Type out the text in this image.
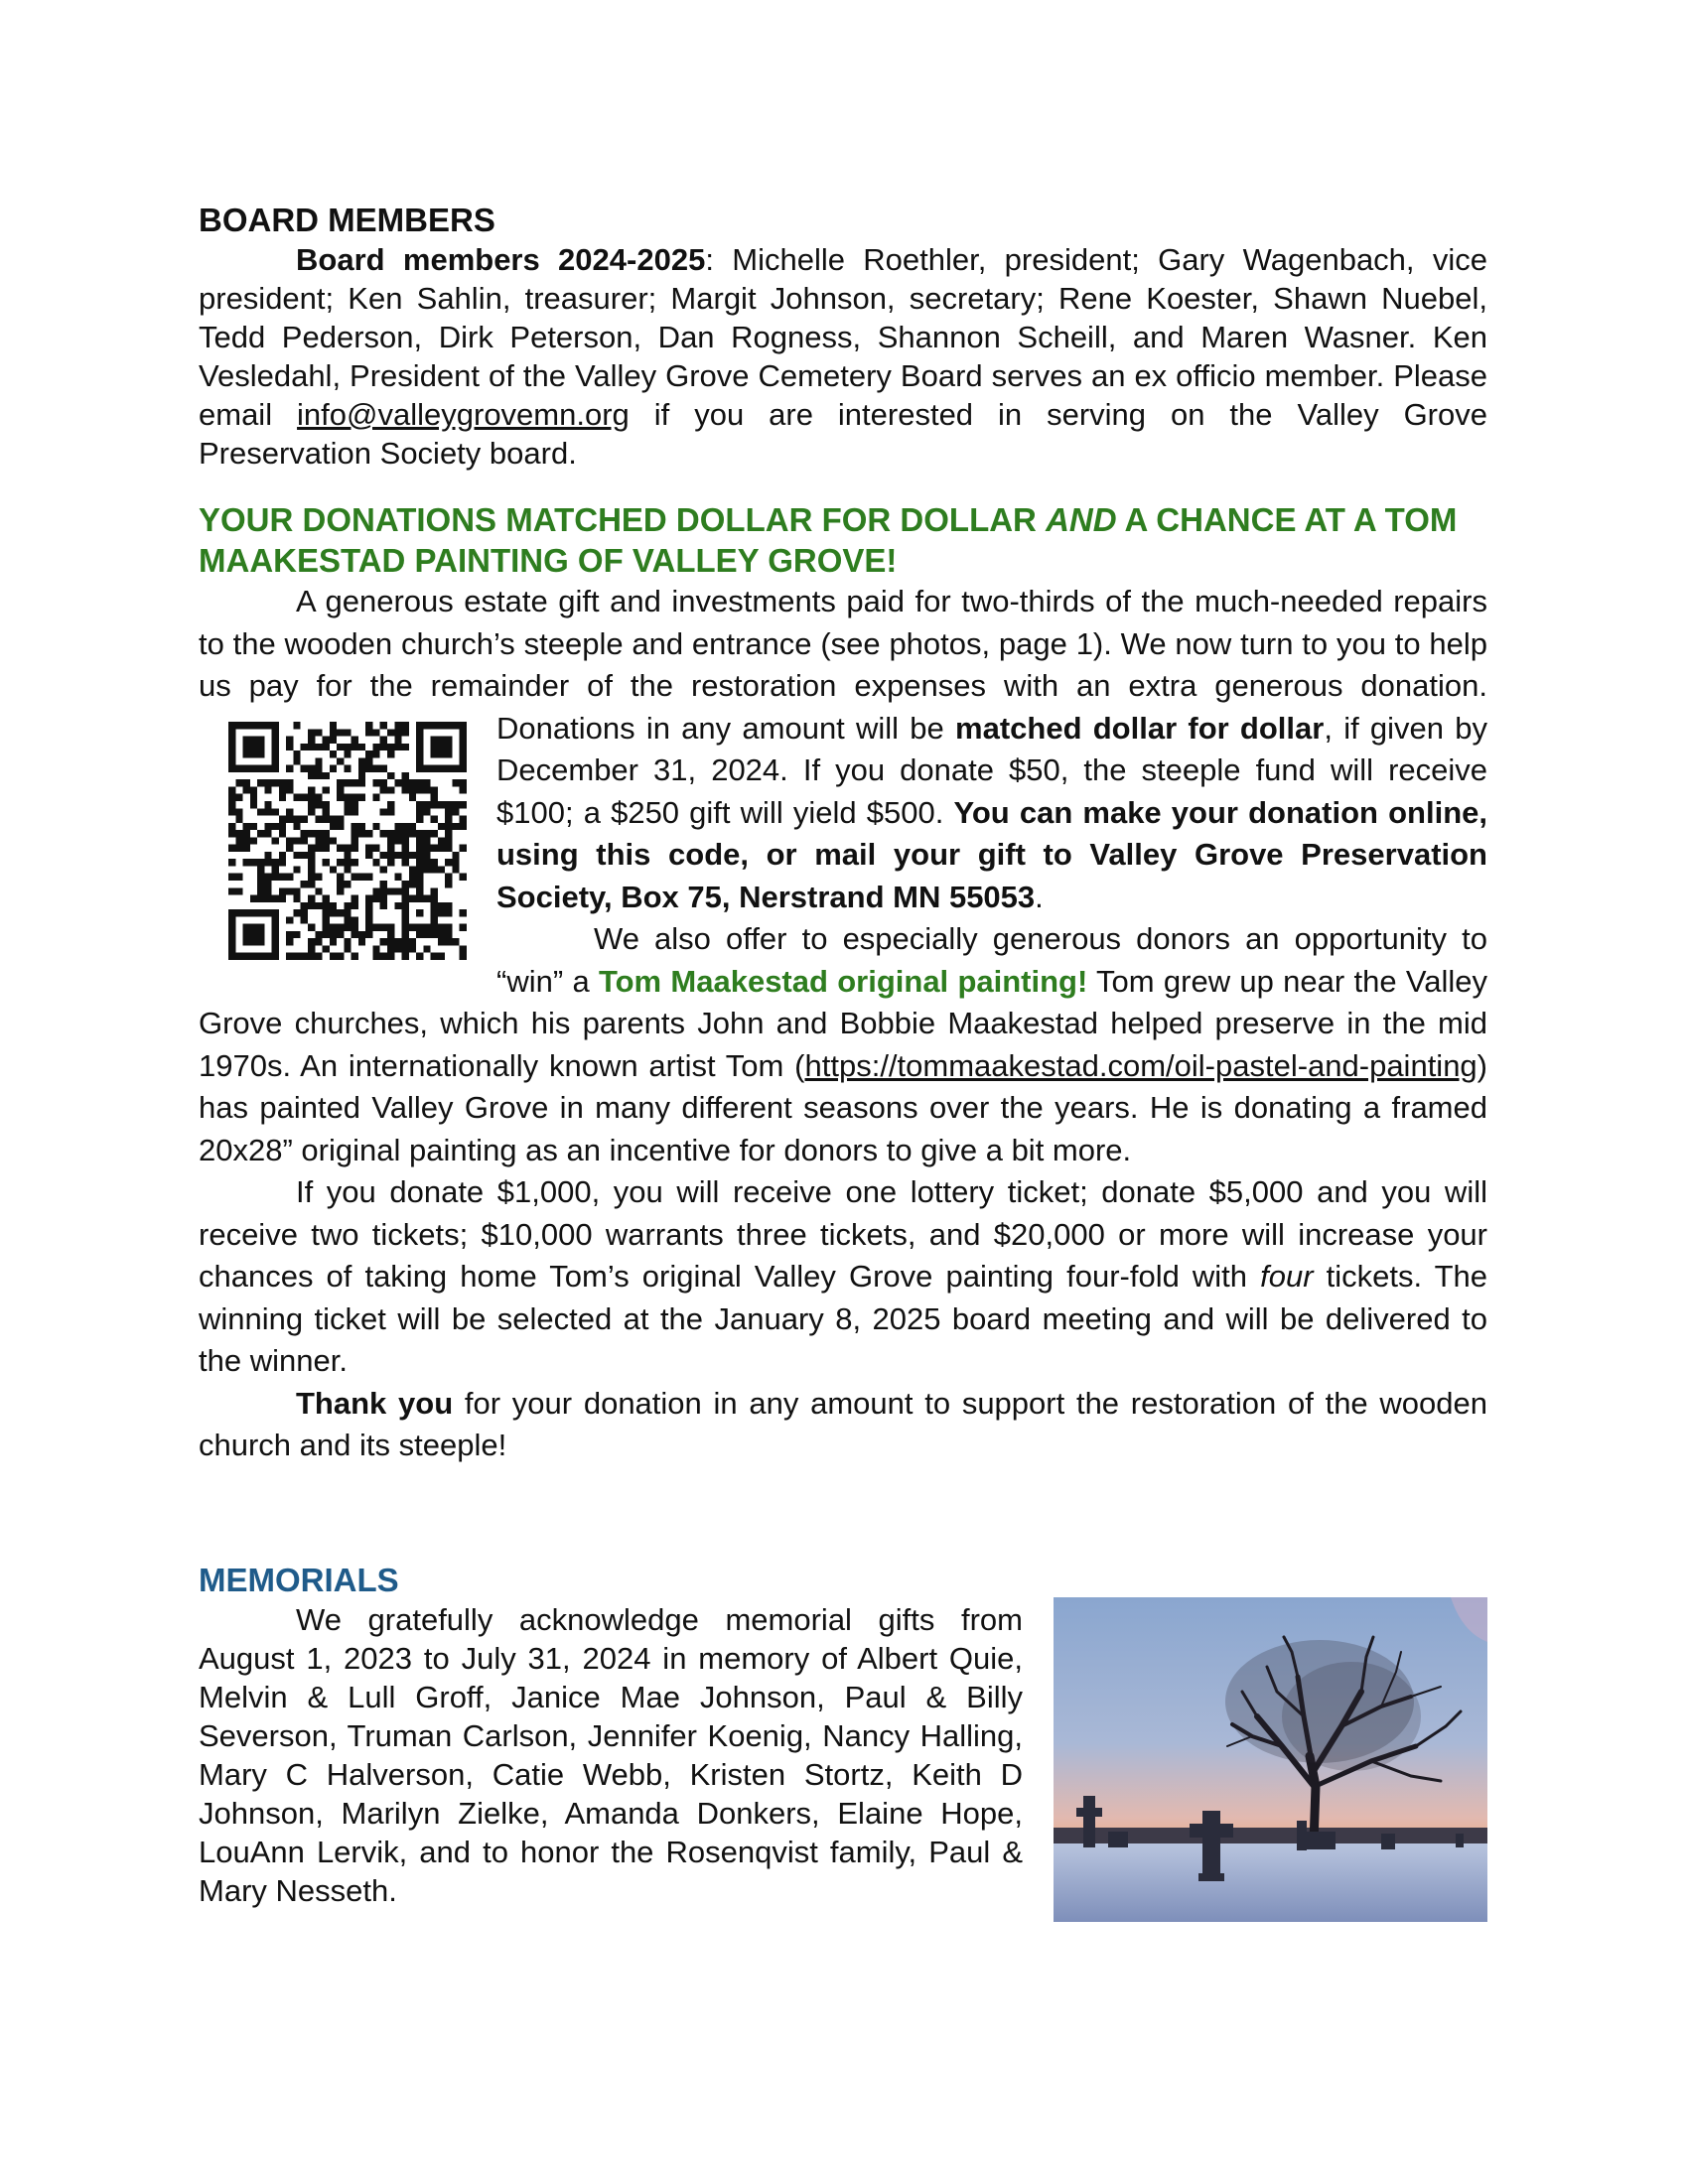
BOARD MEMBERS

Board members 2024-2025: Michelle Roethler, president; Gary Wagenbach, vice president; Ken Sahlin, treasurer; Margit Johnson, secretary; Rene Koester, Shawn Nuebel, Tedd Pederson, Dirk Peterson, Dan Rogness, Shannon Scheill, and Maren Wasner. Ken Vesledahl, President of the Valley Grove Cemetery Board serves an ex officio member. Please email info@valleygrovemn.org if you are interested in serving on the Valley Grove Preservation Society board.

YOUR DONATIONS MATCHED DOLLAR FOR DOLLAR AND A CHANCE AT A TOM MAAKESTAD PAINTING OF VALLEY GROVE!

A generous estate gift and investments paid for two-thirds of the much-needed repairs to the wooden church’s steeple and entrance (see photos, page 1). We now turn to you to help us pay for the remainder of the restoration expenses with an extra generous donation. Donations in any amount will be matched dollar for dollar
, if given by December 31, 2024. If you donate $50, the steeple fund will receive $100; a $250 gift will yield $500. You can make your donation online, using this code, or mail your gift to Valley Grove Preservation Society, Box 75, Nerstrand MN 55053.

We also offer to especially generous donors an opportunity to “win” a Tom Maakestad original painting! Tom grew up near the Valley Grove churches, which his parents John and Bobbie Maakestad helped preserve in the mid 1970s. An internationally known artist Tom (https://tommaakestad.com/oil-pastel-and-painting) has painted Valley Grove in many different seasons over the years. He is donating a framed 20x28” original painting as an incentive for donors to give a bit more.

If you donate $1,000, you will receive one lottery ticket; donate $5,000 and you will receive two tickets; $10,000 warrants three tickets, and $20,000 or more will increase your chances of taking home Tom’s original Valley Grove painting four-fold with four tickets. The winning ticket will be selected at the January 8, 2025 board meeting and will be delivered to the winner.

Thank you for your donation in any amount to support the restoration of the wooden church and its steeple!

MEMORIALS

We gratefully acknowledge memorial gifts from August 1, 2023 to July 31, 2024 in memory of Albert Quie, Melvin & Lull Groff, Janice Mae Johnson, Paul & Billy Severson, Truman Carlson, Jennifer Koenig, Nancy Halling, Mary C Halverson, Catie Webb, Kristen Stortz, Keith D Johnson, Marilyn Zielke, Amanda Donkers, Elaine Hope, LouAnn Lervik, and to honor the Rosenqvist family, Paul & Mary Nesseth.
